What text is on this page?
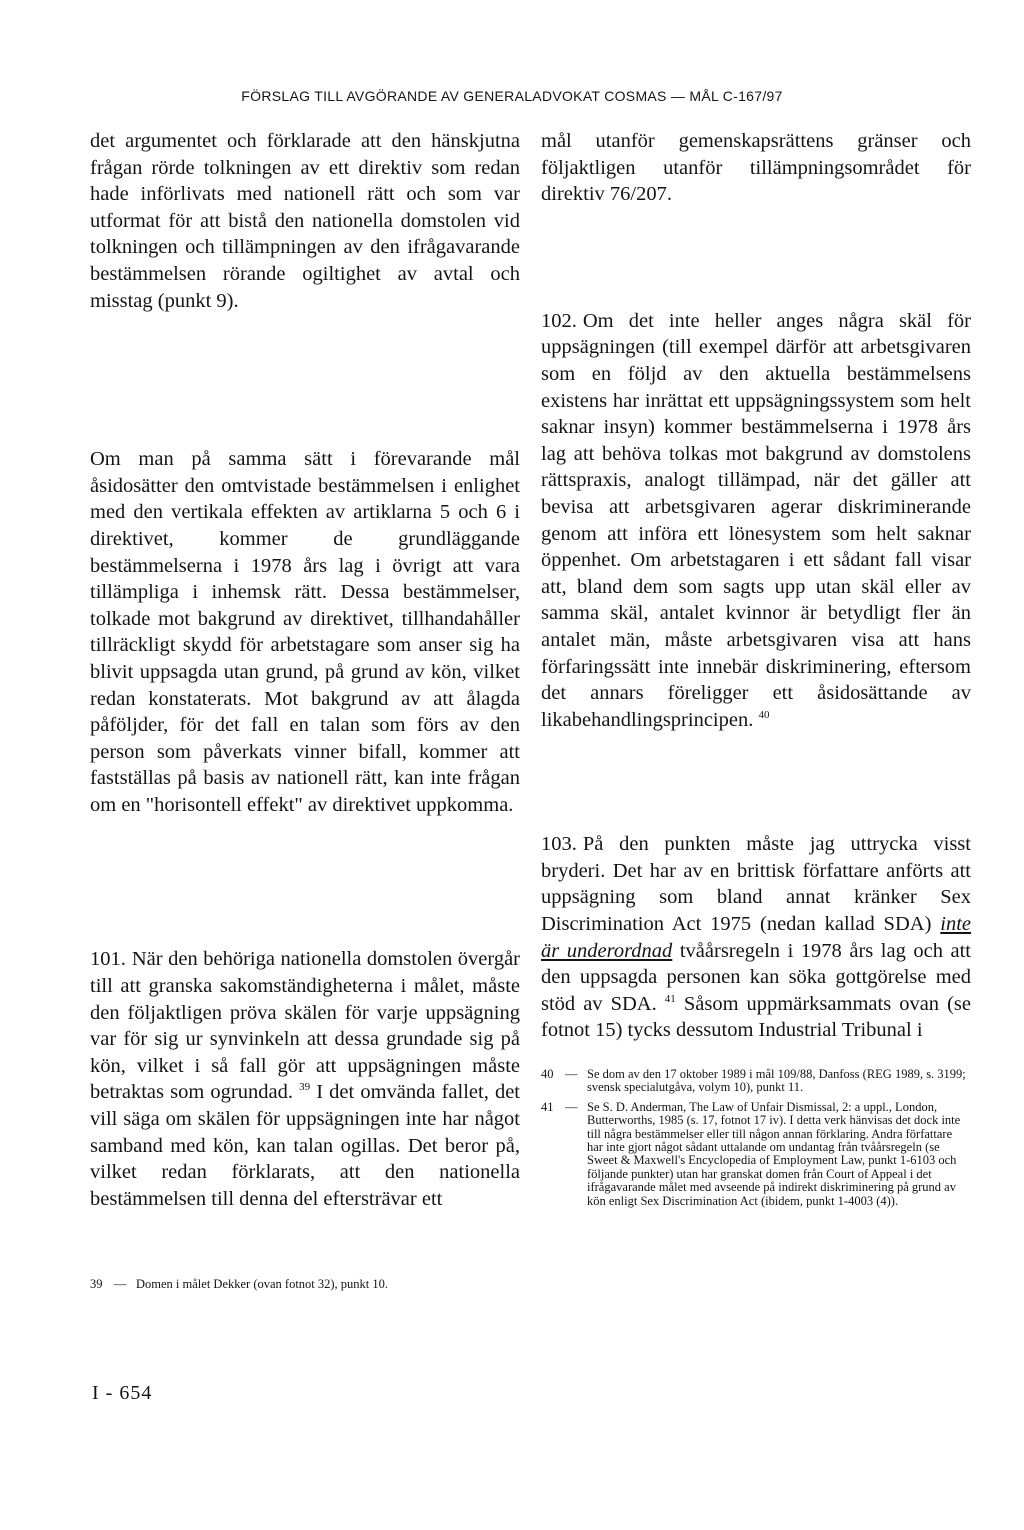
FÖRSLAG TILL AVGÖRANDE AV GENERALADVOKAT COSMAS — MÅL C-167/97

det argumentet och förklarade att den hänskjutna frågan rörde tolkningen av ett direktiv som redan hade införlivats med nationell rätt och som var utformat för att bistå den nationella domstolen vid tolkningen och tillämpningen av den ifrågavarande bestämmelsen rörande ogiltighet av avtal och misstag (punkt 9).

Om man på samma sätt i förevarande mål åsidosätter den omtvistade bestämmelsen i enlighet med den vertikala effekten av artiklarna 5 och 6 i direktivet, kommer de grundläggande bestämmelserna i 1978 års lag i övrigt att vara tillämpliga i inhemsk rätt. Dessa bestämmelser, tolkade mot bakgrund av direktivet, tillhandahåller tillräckligt skydd för arbetstagare som anser sig ha blivit uppsagda utan grund, på grund av kön, vilket redan konstaterats. Mot bakgrund av att ålagda påföljder, för det fall en talan som förs av den person som påverkats vinner bifall, kommer att fastställas på basis av nationell rätt, kan inte frågan om en "horisontell effekt" av direktivet uppkomma.

101. När den behöriga nationella domstolen övergår till att granska sakomständigheterna i målet, måste den följaktligen pröva skälen för varje uppsägning var för sig ur synvinkeln att dessa grundade sig på kön, vilket i så fall gör att uppsägningen måste betraktas som ogrundad. $^{39}$ I det omvända fallet, det vill säga om skälen för uppsägningen inte har något samband med kön, kan talan ogillas. Det beror på, vilket redan förklarats, att den nationella bestämmelsen till denna del eftersträvar ett

39 — Domen i målet Dekker (ovan fotnot 32), punkt 10.

mål utanför gemenskapsrättens gränser och följaktligen utanför tillämpningsområdet för direktiv 76/207.

102. Om det inte heller anges några skäl för uppsägningen (till exempel därför att arbetsgivaren som en följd av den aktuella bestämmelsens existens har inrättat ett uppsägningssystem som helt saknar insyn) kommer bestämmelserna i 1978 års lag att behöva tolkas mot bakgrund av domstolens rättspraxis, analogt tillämpad, när det gäller att bevisa att arbetsgivaren agerar diskriminerande genom att införa ett lönesystem som helt saknar öppenhet. Om arbetstagaren i ett sådant fall visar att, bland dem som sagts upp utan skäl eller av samma skäl, antalet kvinnor är betydligt fler än antalet män, måste arbetsgivaren visa att hans förfaringssätt inte innebär diskriminering, eftersom det annars föreligger ett åsidosättande av likabehandlingsprincipen. $^{40}$

103. På den punkten måste jag uttrycka visst bryderi. Det har av en brittisk författare anförts att uppsägning som bland annat kränker Sex Discrimination Act 1975 (nedan kallad SDA) inte är underordnad tvåårsregeln i 1978 års lag och att den uppsagda personen kan söka gottgörelse med stöd av SDA. $^{41}$ Såsom uppmärksammats ovan (se fotnot 15) tycks dessutom Industrial Tribunal i

40 — Se dom av den 17 oktober 1989 i mål 109/88, Danfoss (REG 1989, s. 3199; svensk specialutgåva, volym 10), punkt 11.
41 — Se S. D. Anderman, The Law of Unfair Dismissal, 2: a uppl., London, Butterworths, 1985 (s. 17, fotnot 17 iv). I detta verk hänvisas det dock inte till några bestämmelser eller till någon annan förklaring. Andra författare har inte gjort något sådant uttalande om undantag från tvåårsregeln (se Sweet & Maxwell's Encyclopedia of Employment Law, punkt 1-6103 och följande punkter) utan har granskat domen från Court of Appeal i det ifrågavarande målet med avseende på indirekt diskriminering på grund av kön enligt Sex Discrimination Act (ibidem, punkt 1-4003 (4)).
I - 654
